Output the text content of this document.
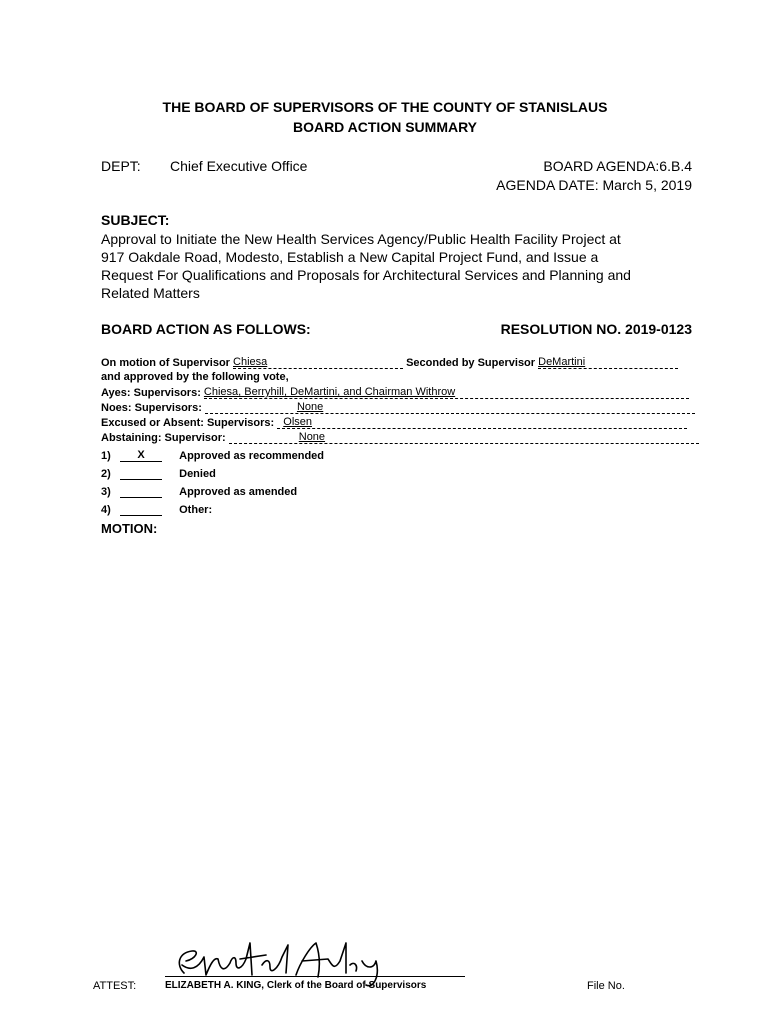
THE BOARD OF SUPERVISORS OF THE COUNTY OF STANISLAUS
BOARD ACTION SUMMARY
DEPT: Chief Executive Office	BOARD AGENDA:6.B.4
AGENDA DATE: March 5, 2019
SUBJECT:
Approval to Initiate the New Health Services Agency/Public Health Facility Project at
917 Oakdale Road, Modesto, Establish a New Capital Project Fund, and Issue a
Request For Qualifications and Proposals for Architectural Services and Planning and
Related Matters
BOARD ACTION AS FOLLOWS:	RESOLUTION NO. 2019-0123
On motion of Supervisor Chiesa	Seconded by Supervisor DeMartini
and approved by the following vote,
Ayes: Supervisors: Chiesa, Berryhill, DeMartini, and Chairman Withrow
Noes: Supervisors:	None
Excused or Absent: Supervisors: Olsen
Abstaining: Supervisor:	None
1) X	Approved as recommended
2)	Denied
3)	Approved as amended
4)	Other:
MOTION:
ATTEST:	ELIZABETH A. KING, Clerk of the Board of Supervisors	File No.
